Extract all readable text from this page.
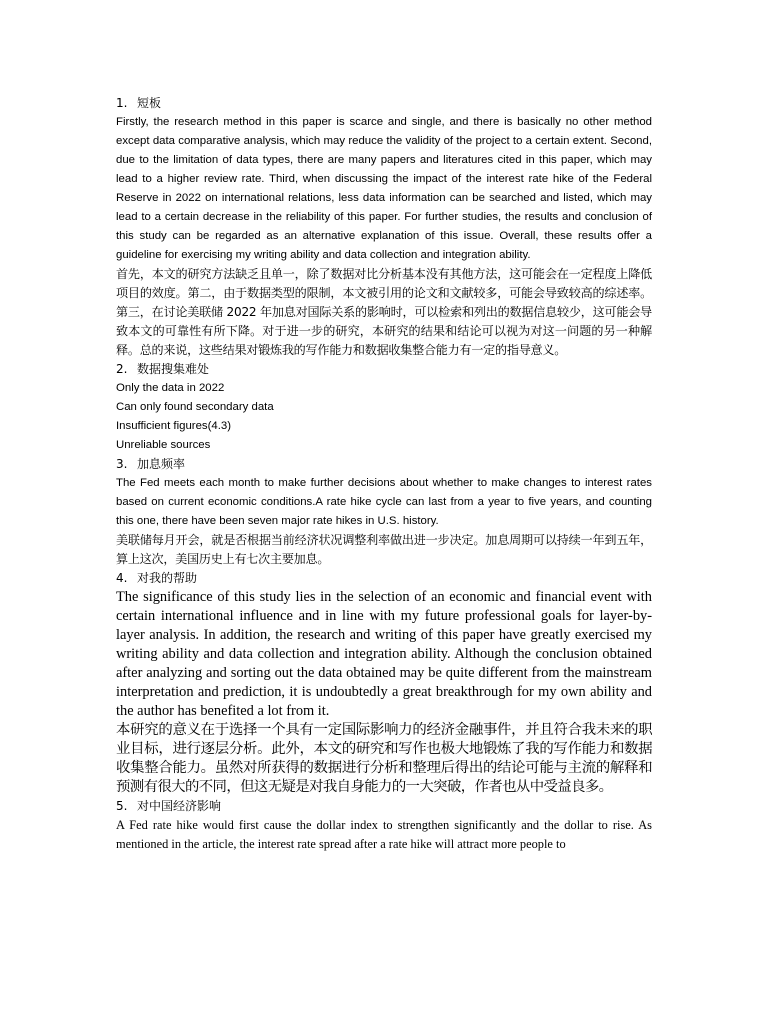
1. 短板

Firstly, the research method in this paper is scarce and single, and there is basically no other method except data comparative analysis, which may reduce the validity of the project to a certain extent. Second, due to the limitation of data types, there are many papers and literatures cited in this paper, which may lead to a higher review rate. Third, when discussing the impact of the interest rate hike of the Federal Reserve in 2022 on international relations, less data information can be searched and listed, which may lead to a certain decrease in the reliability of this paper. For further studies, the results and conclusion of this study can be regarded as an alternative explanation of this issue. Overall, these results offer a guideline for exercising my writing ability and data collection and integration ability.

首先，本文的研究方法缺乏且单一，除了数据对比分析基本没有其他方法，这可能会在一定程度上降低项目的效度。第二，由于数据类型的限制，本文被引用的论文和文献较多，可能会导致较高的综述率。第三，在讨论美联储 2022 年加息对国际关系的影响时，可以检索和列出的数据信息较少，这可能会导致本文的可靠性有所下降。对于进一步的研究，本研究的结果和结论可以视为对这一问题的另一种解释。总的来说，这些结果对锻炼我的写作能力和数据收集整合能力有一定的指导意义。

2. 数据搜集难处

Only the data in 2022

Can only found secondary data

Insufficient figures(4.3)

Unreliable sources

3. 加息频率

The Fed meets each month to make further decisions about whether to make changes to interest rates based on current economic conditions.A rate hike cycle can last from a year to five years, and counting this one, there have been seven major rate hikes in U.S. history.

美联储每月开会，就是否根据当前经济状况调整利率做出进一步决定。加息周期可以持续一年到五年，算上这次，美国历史上有七次主要加息。

4. 对我的帮助

The significance of this study lies in the selection of an economic and financial event with certain international influence and in line with my future professional goals for layer-by-layer analysis. In addition, the research and writing of this paper have greatly exercised my writing ability and data collection and integration ability. Although the conclusion obtained after analyzing and sorting out the data obtained may be quite different from the mainstream interpretation and prediction, it is undoubtedly a great breakthrough for my own ability and the author has benefited a lot from it.

本研究的意义在于选择一个具有一定国际影响力的经济金融事件，并且符合我未来的职业目标，进行逐层分析。此外，本文的研究和写作也极大地锻炼了我的写作能力和数据收集整合能力。虽然对所获得的数据进行分析和整理后得出的结论可能与主流的解释和预测有很大的不同，但这无疑是对我自身能力的一大突破，作者也从中受益良多。

5. 对中国经济影响

A Fed rate hike would first cause the dollar index to strengthen significantly and the dollar to rise. As mentioned in the article, the interest rate spread after a rate hike will attract more people to
